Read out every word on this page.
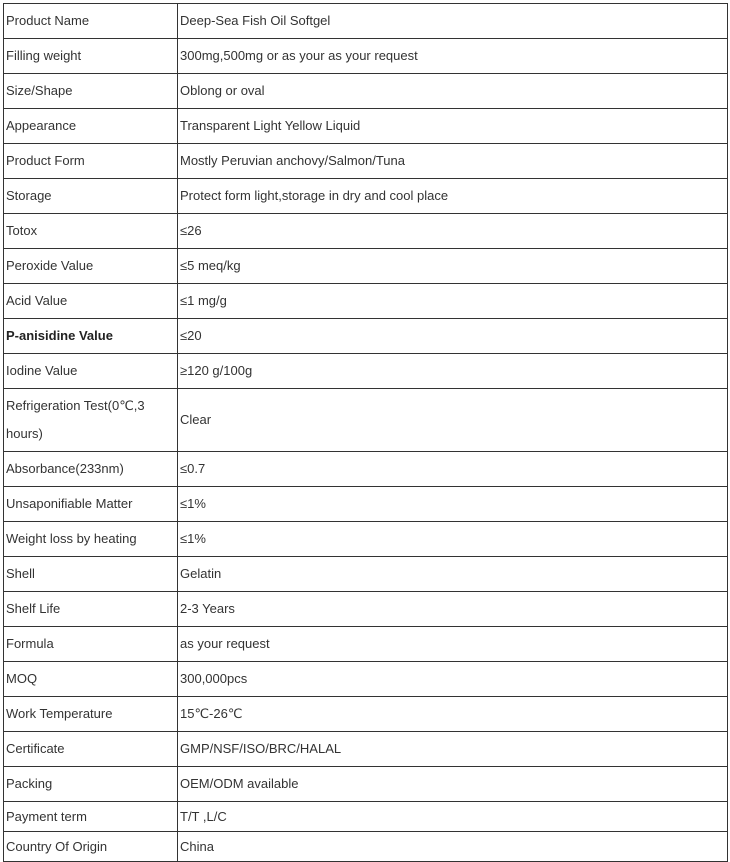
Product Name	Deep-Sea Fish Oil Softgel
Filling weight	300mg,500mg or as your as your request
Size/Shape	Oblong or oval
Appearance	Transparent Light Yellow Liquid
Product Form	Mostly Peruvian anchovy/Salmon/Tuna
Storage	Protect form light,storage in dry and cool place
Totox	≤26
Peroxide Value	≤5 meq/kg
Acid Value	≤1 mg/g
P-anisidine Value	≤20
Iodine Value	≥120 g/100g
Refrigeration Test(0℃,3 hours)	Clear
Absorbance(233nm)	≤0.7
Unsaponifiable Matter	≤1%
Weight loss by heating	≤1%
Shell	Gelatin
Shelf Life	2-3 Years
Formula	as your request
MOQ	300,000pcs
Work Temperature	15℃-26℃
Certificate	GMP/NSF/ISO/BRC/HALAL
Packing	OEM/ODM available
Payment term	T/T ,L/C
Country Of Origin	China
